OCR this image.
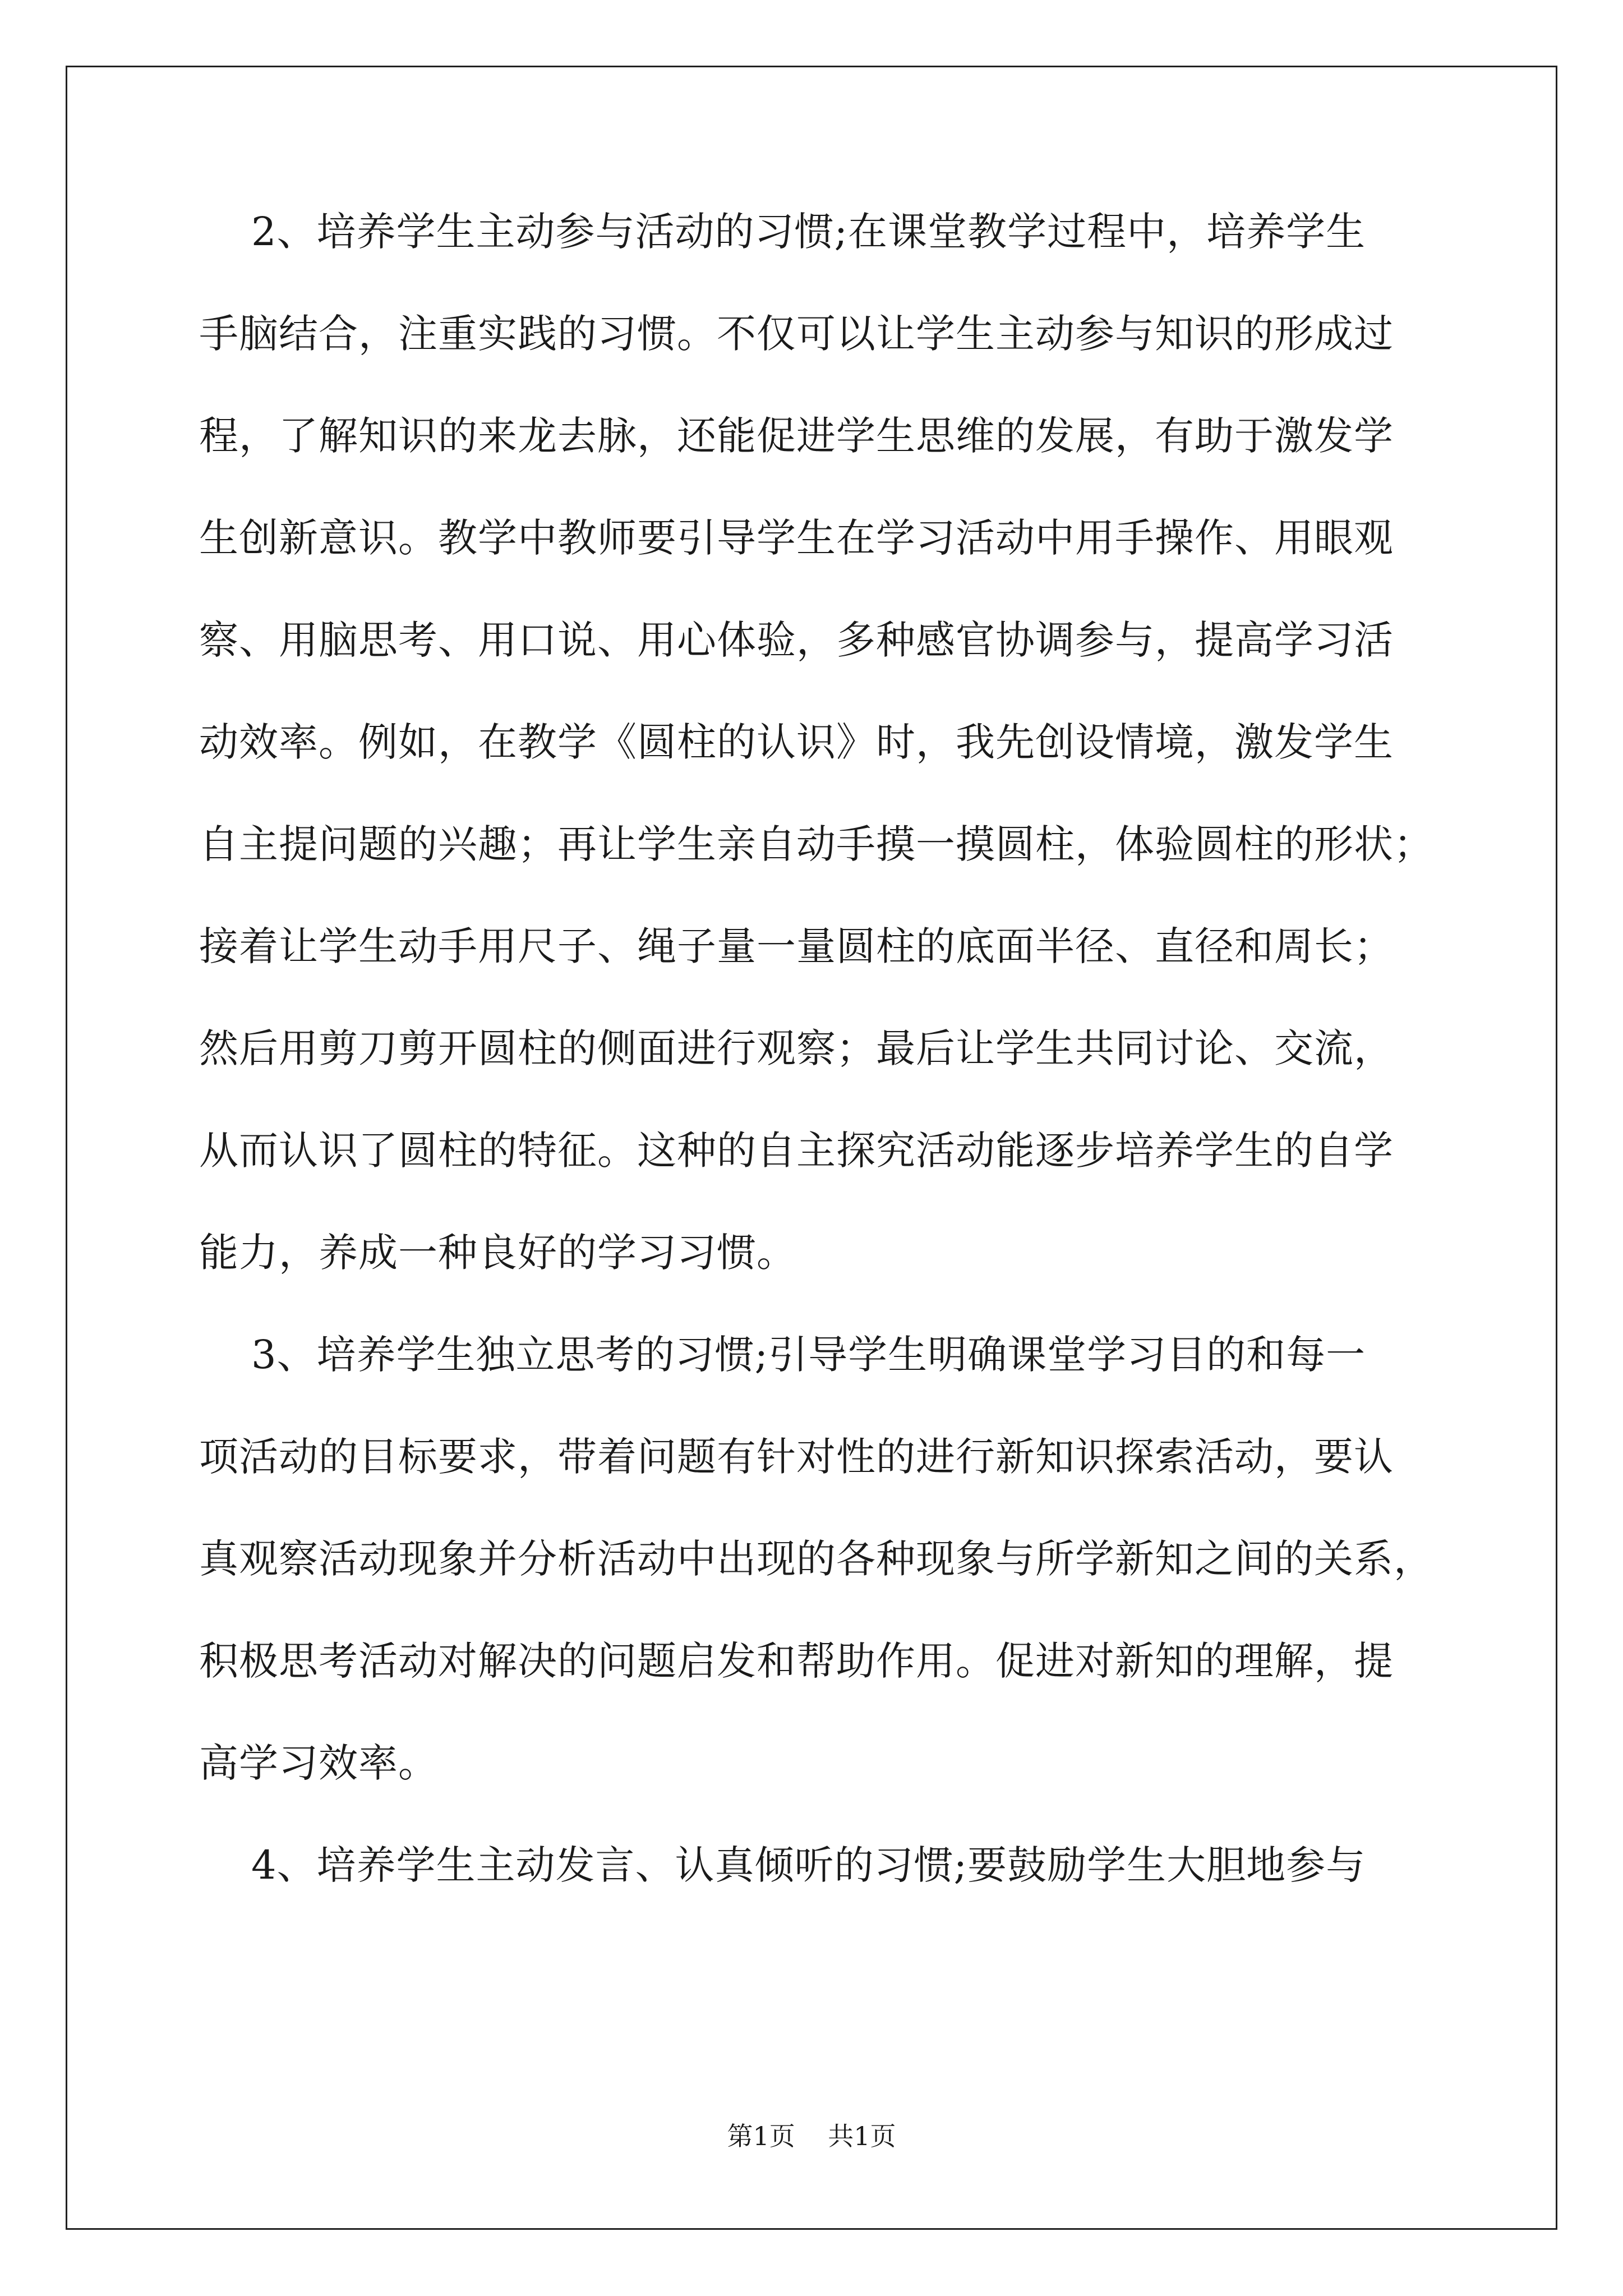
2、培养学生主动参与活动的习惯;在课堂教学过程中，培养学生
手脑结合，注重实践的习惯。不仅可以让学生主动参与知识的形成过
程，了解知识的来龙去脉，还能促进学生思维的发展，有助于激发学
生创新意识。教学中教师要引导学生在学习活动中用手操作、用眼观
察、用脑思考、用口说、用心体验，多种感官协调参与，提高学习活
动效率。例如，在教学《圆柱的认识》时，我先创设情境，激发学生
自主提问题的兴趣；再让学生亲自动手摸一摸圆柱，体验圆柱的形状；
接着让学生动手用尺子、绳子量一量圆柱的底面半径、直径和周长；
然后用剪刀剪开圆柱的侧面进行观察；最后让学生共同讨论、交流，
从而认识了圆柱的特征。这种的自主探究活动能逐步培养学生的自学
能力，养成一种良好的学习习惯。
3、培养学生独立思考的习惯;引导学生明确课堂学习目的和每一
项活动的目标要求，带着问题有针对性的进行新知识探索活动，要认
真观察活动现象并分析活动中出现的各种现象与所学新知之间的关系，
积极思考活动对解决的问题启发和帮助作用。促进对新知的理解，提
高学习效率。
4、培养学生主动发言、认真倾听的习惯;要鼓励学生大胆地参与
第1页 共1页
